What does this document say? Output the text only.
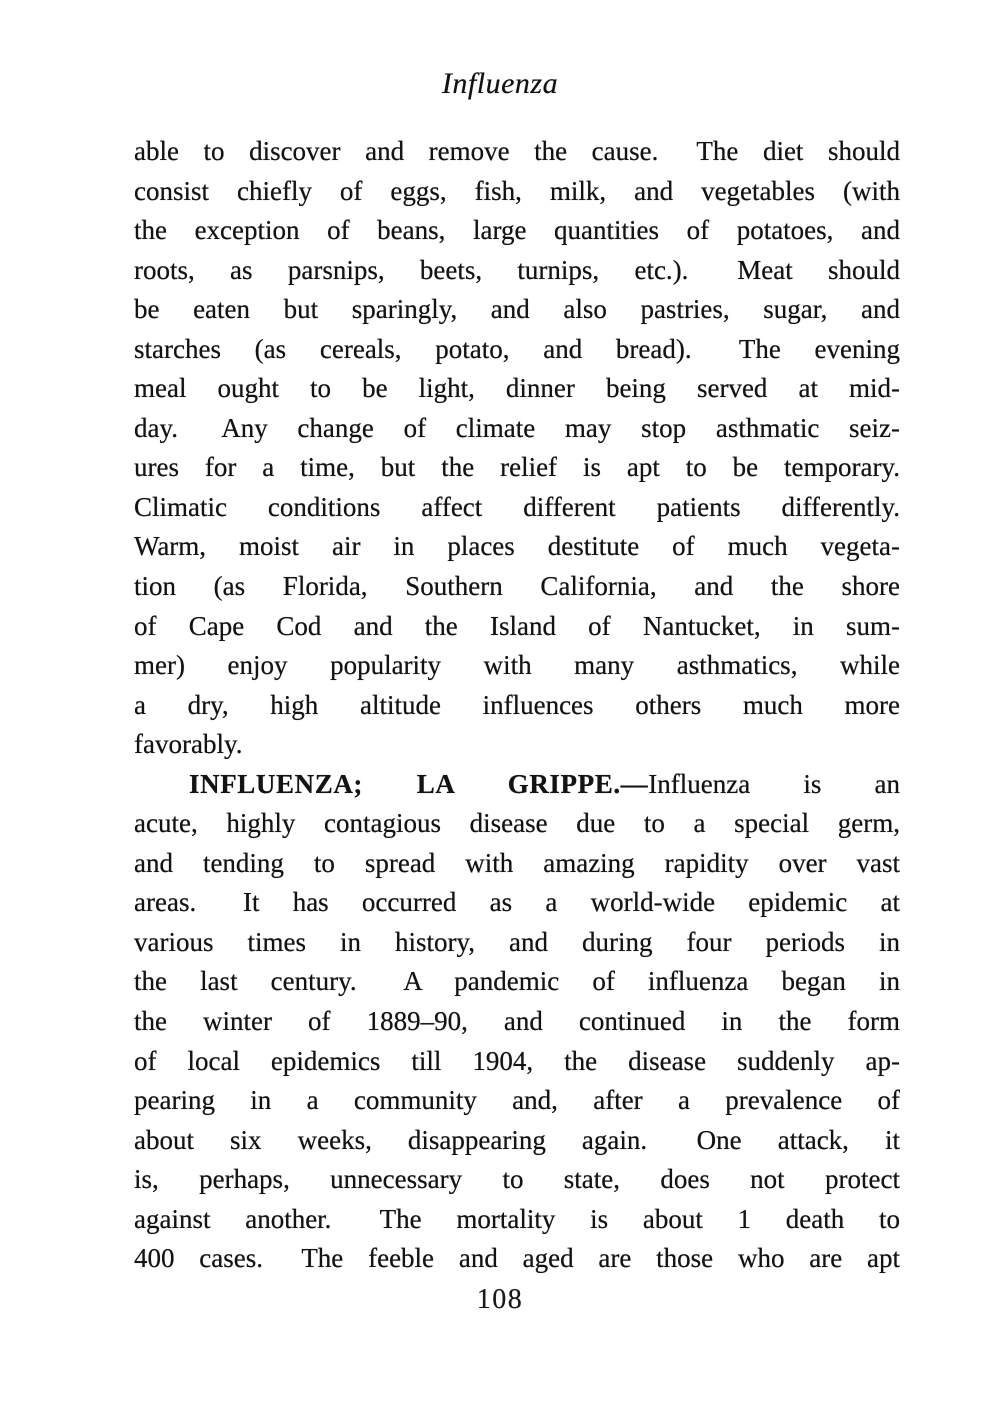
Influenza
able to discover and remove the cause.  The diet should
consist chiefly of eggs, fish, milk, and vegetables (with
the exception of beans, large quantities of potatoes, and
roots, as parsnips, beets, turnips, etc.).  Meat should
be eaten but sparingly, and also pastries, sugar, and
starches (as cereals, potato, and bread).  The evening
meal ought to be light, dinner being served at mid-
day.  Any change of climate may stop asthmatic seiz-
ures for a time, but the relief is apt to be temporary.
Climatic conditions affect different patients differently.
Warm, moist air in places destitute of much vegeta-
tion (as Florida, Southern California, and the shore
of Cape Cod and the Island of Nantucket, in sum-
mer) enjoy popularity with many asthmatics, while
a dry, high altitude influences others much more
favorably.
INFLUENZA; LA GRIPPE.—Influenza is an
acute, highly contagious disease due to a special germ,
and tending to spread with amazing rapidity over vast
areas.  It has occurred as a world-wide epidemic at
various times in history, and during four periods in
the last century.  A pandemic of influenza began in
the winter of 1889–90, and continued in the form
of local epidemics till 1904, the disease suddenly ap-
pearing in a community and, after a prevalence of
about six weeks, disappearing again.  One attack, it
is, perhaps, unnecessary to state, does not protect
against another.  The mortality is about 1 death to
400 cases.  The feeble and aged are those who are apt
108
